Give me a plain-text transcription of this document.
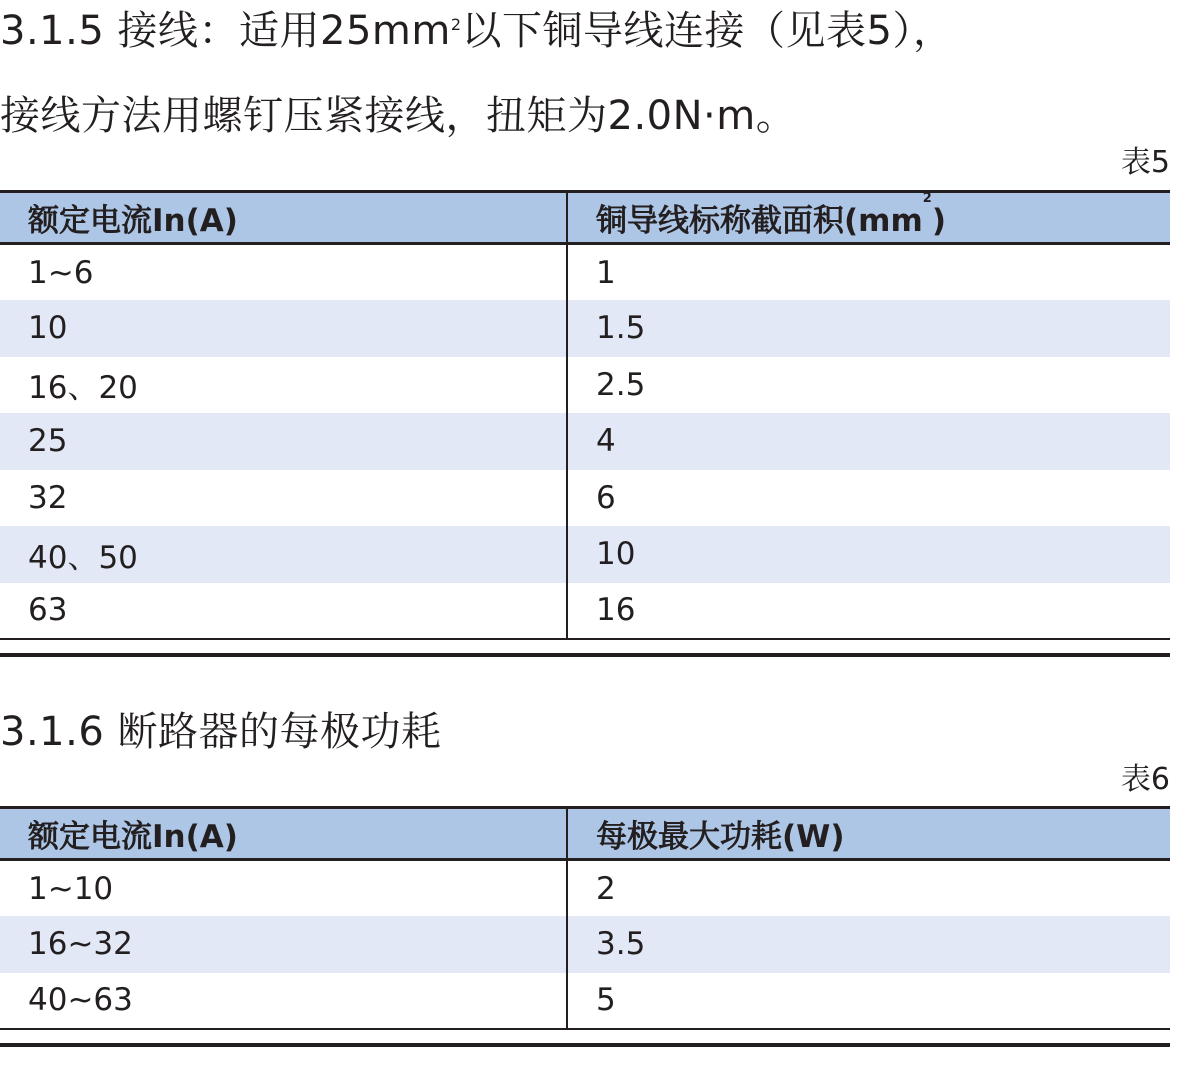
3.1.5 接线：适用$25mm^2$以下铜导线连接（见表5），
接线方法用螺钉压紧接线，扭矩为2.0N·m。
表5
额定电流In(A)	铜导线标称截面积$(mm^2)$
1~6	1
10	1.5
16、20	2.5
25	4
32	6
40、50	10
63	16
3.1.6 断路器的每极功耗
表6
额定电流In(A)	每极最大功耗(W)
1~10	2
16~32	3.5
40~63	5
